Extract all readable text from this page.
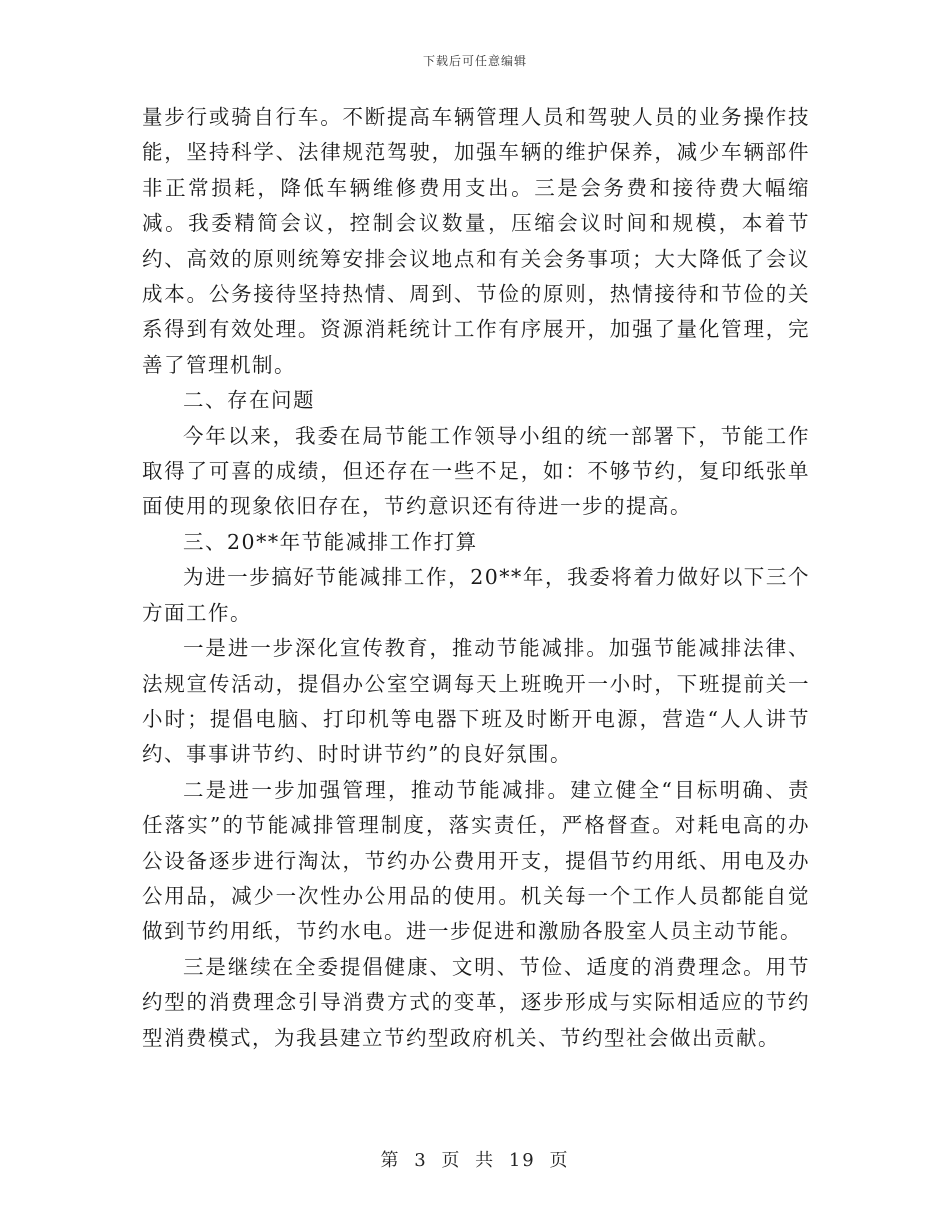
下载后可任意编辑

量步行或骑自行车。不断提高车辆管理人员和驾驶人员的业务操作技能，坚持科学、法律规范驾驶，加强车辆的维护保养，减少车辆部件非正常损耗，降低车辆维修费用支出。三是会务费和接待费大幅缩减。我委精简会议，控制会议数量，压缩会议时间和规模，本着节约、高效的原则统筹安排会议地点和有关会务事项；大大降低了会议成本。公务接待坚持热情、周到、节俭的原则，热情接待和节俭的关系得到有效处理。资源消耗统计工作有序展开，加强了量化管理，完善了管理机制。

二、存在问题

今年以来，我委在局节能工作领导小组的统一部署下，节能工作取得了可喜的成绩，但还存在一些不足，如：不够节约，复印纸张单面使用的现象依旧存在，节约意识还有待进一步的提高。

三、20**年节能减排工作打算

为进一步搞好节能减排工作，20**年，我委将着力做好以下三个方面工作。

一是进一步深化宣传教育，推动节能减排。加强节能减排法律、法规宣传活动，提倡办公室空调每天上班晚开一小时，下班提前关一小时；提倡电脑、打印机等电器下班及时断开电源，营造“人人讲节约、事事讲节约、时时讲节约”的良好氛围。

二是进一步加强管理，推动节能减排。建立健全“目标明确、责任落实”的节能减排管理制度，落实责任，严格督查。对耗电高的办公设备逐步进行淘汰，节约办公费用开支，提倡节约用纸、用电及办公用品，减少一次性办公用品的使用。机关每一个工作人员都能自觉做到节约用纸，节约水电。进一步促进和激励各股室人员主动节能。

三是继续在全委提倡健康、文明、节俭、适度的消费理念。用节约型的消费理念引导消费方式的变革，逐步形成与实际相适应的节约型消费模式，为我县建立节约型政府机关、节约型社会做出贡献。

第 3 页 共 19 页
